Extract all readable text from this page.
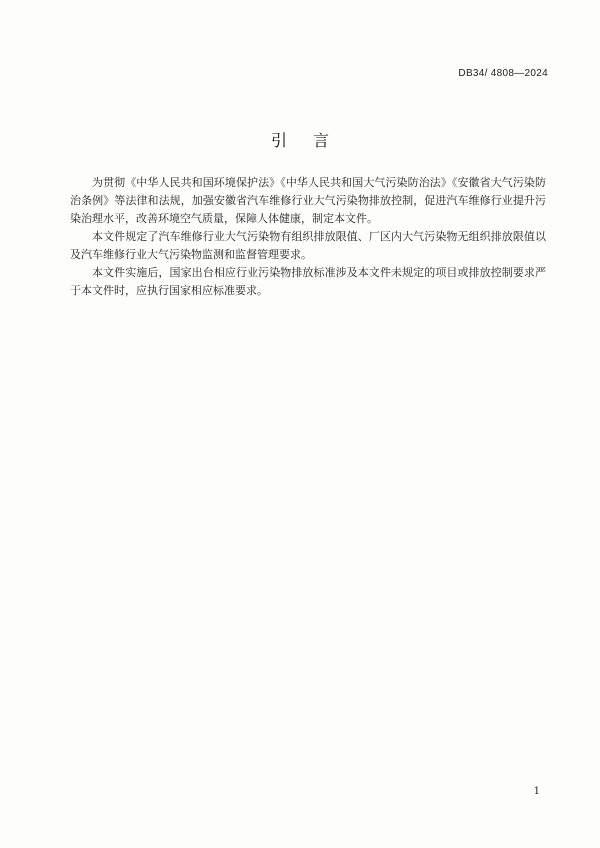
DB34/ 4808—2024
引言

为贯彻《中华人民共和国环境保护法》《中华人民共和国大气污染防治法》《安徽省大气污染防治条例》等法律和法规，加强安徽省汽车维修行业大气污染物排放控制，促进汽车维修行业提升污染治理水平，改善环境空气质量，保障人体健康，制定本文件。

本文件规定了汽车维修行业大气污染物有组织排放限值、厂区内大气污染物无组织排放限值以及汽车维修行业大气污染物监测和监督管理要求。

本文件实施后，国家出台相应行业污染物排放标准涉及本文件未规定的项目或排放控制要求严于本文件时，应执行国家相应标准要求。

1
